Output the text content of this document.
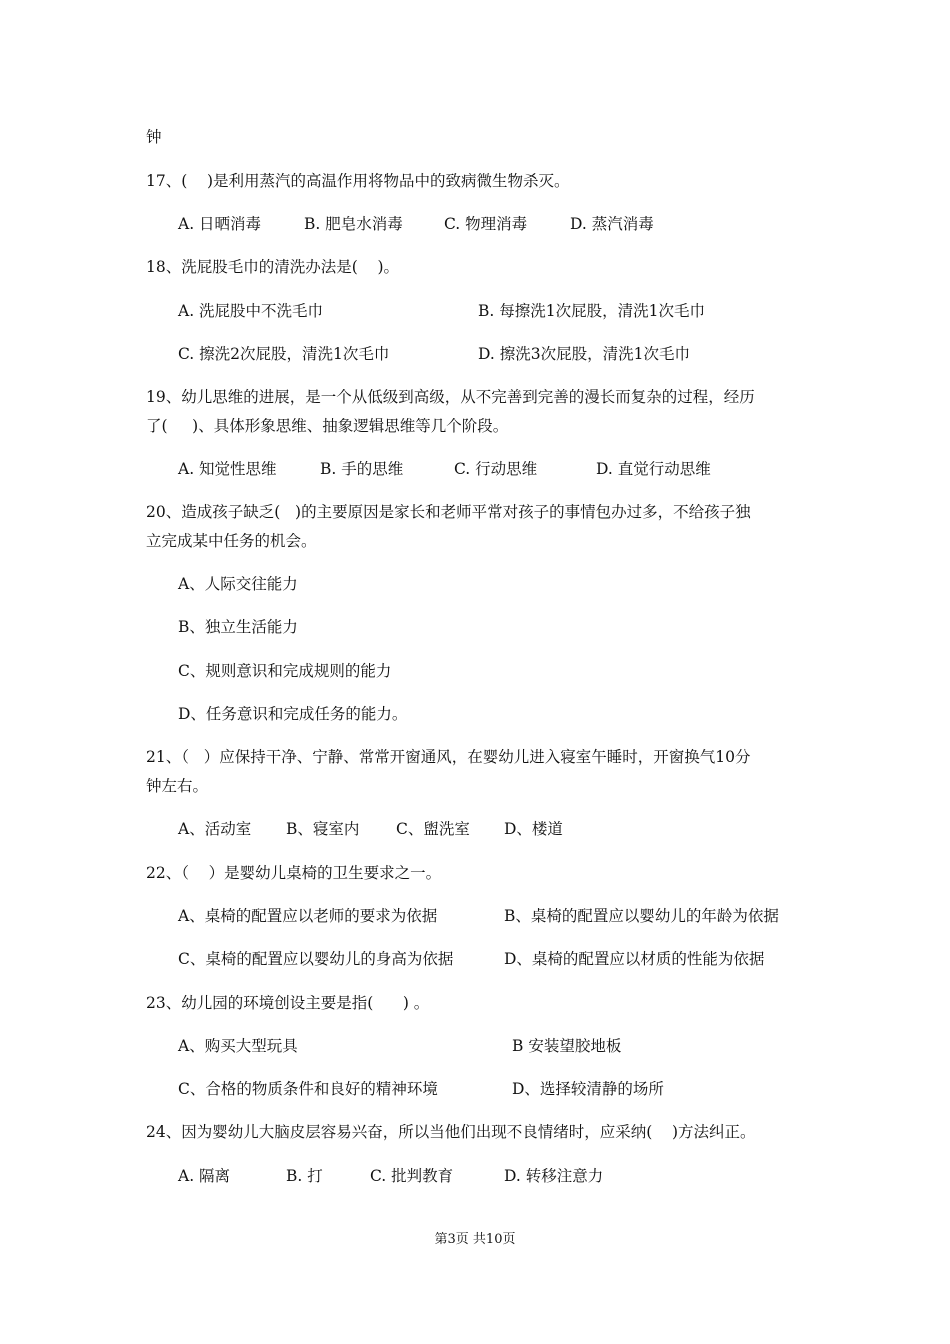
钟
17、(    )是利用蒸汽的高温作用将物品中的致病微生物杀灭。
A. 日晒消毒	B. 肥皂水消毒	C. 物理消毒	D. 蒸汽消毒
18、洗屁股毛巾的清洗办法是(    )。
A. 洗屁股中不洗毛巾	B. 每擦洗1次屁股，清洗1次毛巾
C. 擦洗2次屁股，清洗1次毛巾	D. 擦洗3次屁股，清洗1次毛巾
19、幼儿思维的进展，是一个从低级到高级，从不完善到完善的漫长而复杂的过程，经历
了(     )、具体形象思维、抽象逻辑思维等几个阶段。
A. 知觉性思维	B. 手的思维	C. 行动思维	D. 直觉行动思维
20、造成孩子缺乏(   )的主要原因是家长和老师平常对孩子的事情包办过多，不给孩子独
立完成某中任务的机会。
A、人际交往能力
B、独立生活能力
C、规则意识和完成规则的能力
D、任务意识和完成任务的能力。
21、（   ）应保持干净、宁静、常常开窗通风，在婴幼儿进入寝室午睡时，开窗换气10分
钟左右。
A、活动室 B、寝室内 C、盥洗室 D、楼道
22、（    ）是婴幼儿桌椅的卫生要求之一。
A、桌椅的配置应以老师的要求为依据	B、桌椅的配置应以婴幼儿的年龄为依据
C、桌椅的配置应以婴幼儿的身高为依据	D、桌椅的配置应以材质的性能为依据
23、幼儿园的环境创设主要是指(      ) 。
A、购买大型玩具	B 安装望胶地板
C、合格的物质条件和良好的精神环境	D、选择较清静的场所
24、因为婴幼儿大脑皮层容易兴奋，所以当他们出现不良情绪时，应采纳(    )方法纠正。
A. 隔离	B. 打	C. 批判教育	D. 转移注意力
第3页 共10页
